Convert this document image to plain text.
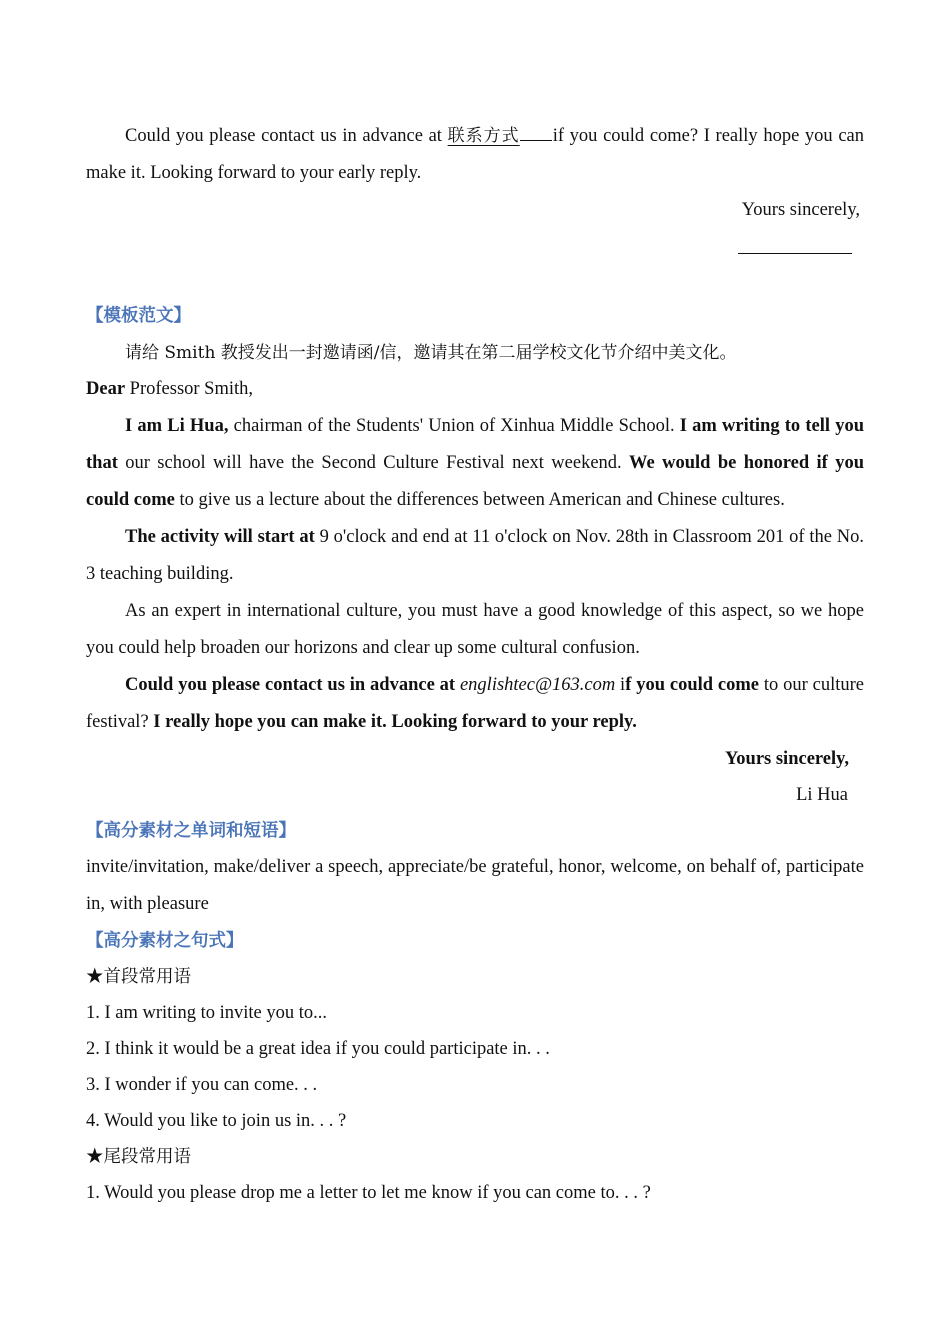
Could you please contact us in advance at 联系方式 if you could come? I really hope you can make it. Looking forward to your early reply.

Yours sincerely,

【模板范文】

请给 Smith 教授发出一封邀请函/信，邀请其在第二届学校文化节介绍中美文化。

Dear Professor Smith,

I am Li Hua, chairman of the Students' Union of Xinhua Middle School. I am writing to tell you that our school will have the Second Culture Festival next weekend. We would be honored if you could come to give us a lecture about the differences between American and Chinese cultures.

The activity will start at 9 o'clock and end at 11 o'clock on Nov. 28th in Classroom 201 of the No. 3 teaching building.

As an expert in international culture, you must have a good knowledge of this aspect, so we hope you could help broaden our horizons and clear up some cultural confusion.

Could you please contact us in advance at englishtec@163.com if you could come to our culture festival? I really hope you can make it. Looking forward to your reply.

Yours sincerely,

Li Hua

【高分素材之单词和短语】

invite/invitation, make/deliver a speech, appreciate/be grateful, honor, welcome, on behalf of, participate in, with pleasure

【高分素材之句式】

★首段常用语

1. I am writing to invite you to...

2. I think it would be a great idea if you could participate in. . .

3. I wonder if you can come. . .

4. Would you like to join us in. . . ?

★尾段常用语

1. Would you please drop me a letter to let me know if you can come to. . . ?
